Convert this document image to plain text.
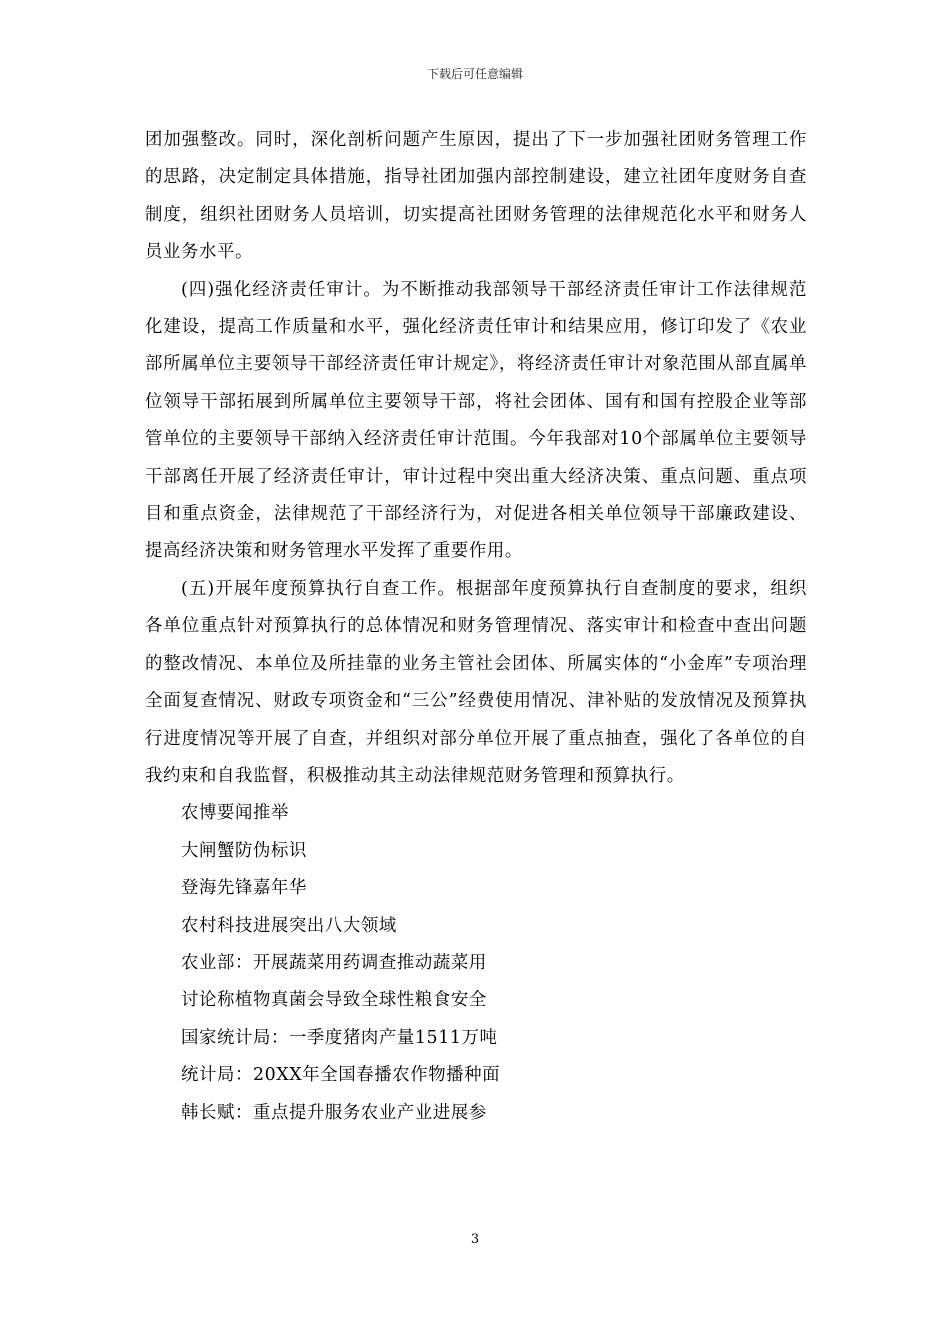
下载后可任意编辑

团加强整改。同时，深化剖析问题产生原因，提出了下一步加强社团财务管理工作的思路，决定制定具体措施，指导社团加强内部控制建设，建立社团年度财务自查制度，组织社团财务人员培训，切实提高社团财务管理的法律规范化水平和财务人员业务水平。

(四)强化经济责任审计。为不断推动我部领导干部经济责任审计工作法律规范化建设，提高工作质量和水平，强化经济责任审计和结果应用，修订印发了《农业部所属单位主要领导干部经济责任审计规定》，将经济责任审计对象范围从部直属单位领导干部拓展到所属单位主要领导干部，将社会团体、国有和国有控股企业等部管单位的主要领导干部纳入经济责任审计范围。今年我部对10个部属单位主要领导干部离任开展了经济责任审计，审计过程中突出重大经济决策、重点问题、重点项目和重点资金，法律规范了干部经济行为，对促进各相关单位领导干部廉政建设、提高经济决策和财务管理水平发挥了重要作用。

(五)开展年度预算执行自查工作。根据部年度预算执行自查制度的要求，组织各单位重点针对预算执行的总体情况和财务管理情况、落实审计和检查中查出问题的整改情况、本单位及所挂靠的业务主管社会团体、所属实体的“小金库”专项治理全面复查情况、财政专项资金和“三公”经费使用情况、津补贴的发放情况及预算执行进度情况等开展了自查，并组织对部分单位开展了重点抽查，强化了各单位的自我约束和自我监督，积极推动其主动法律规范财务管理和预算执行。

农博要闻推举

大闸蟹防伪标识

登海先锋嘉年华

农村科技进展突出八大领域

农业部：开展蔬菜用药调查推动蔬菜用

讨论称植物真菌会导致全球性粮食安全

国家统计局：一季度猪肉产量1511万吨

统计局：20XX年全国春播农作物播种面

韩长赋：重点提升服务农业产业进展参

3
